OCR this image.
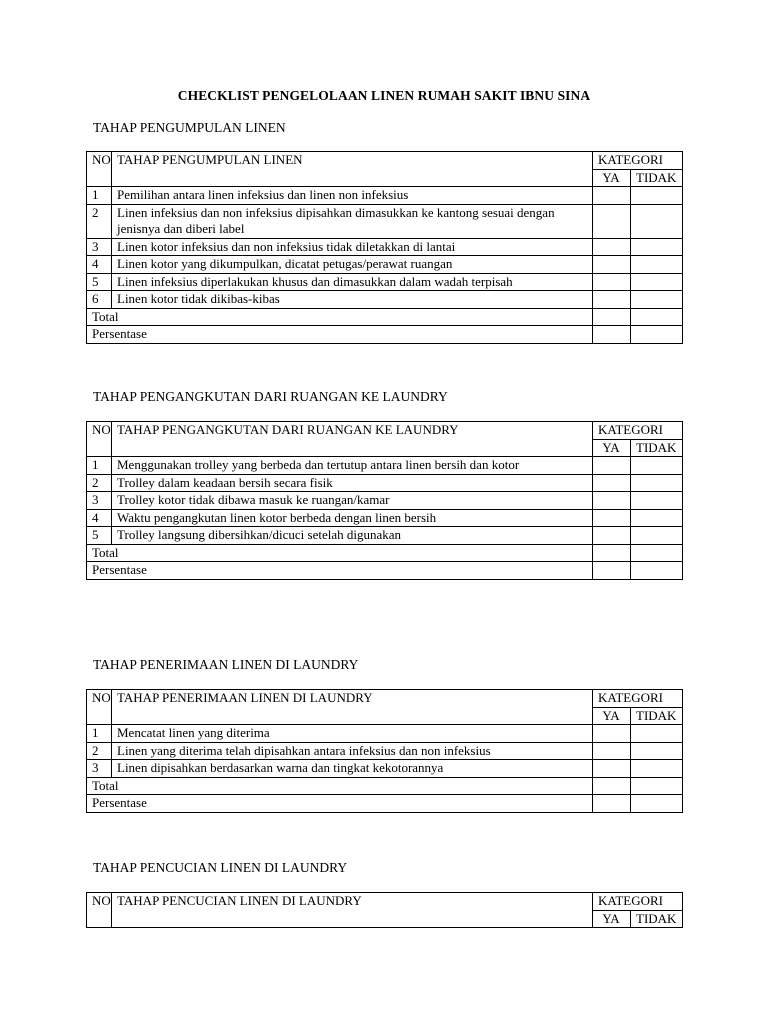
CHECKLIST PENGELOLAAN LINEN RUMAH SAKIT IBNU SINA
TAHAP PENGUMPULAN LINEN
NO	TAHAP PENGUMPULAN LINEN	KATEGORI	
		YA	TIDAK
1	Pemilihan antara linen infeksius dan linen non infeksius		
2	Linen infeksius dan non infeksius dipisahkan dimasukkan ke kantong sesuai dengan jenisnya dan diberi label		
3	Linen kotor infeksius dan non infeksius tidak diletakkan di lantai		
4	Linen kotor yang dikumpulkan, dicatat petugas/perawat ruangan		
5	Linen infeksius diperlakukan khusus dan dimasukkan dalam wadah terpisah		
6	Linen kotor tidak dikibas-kibas		
Total			
Persentase			
TAHAP PENGANGKUTAN DARI RUANGAN KE LAUNDRY
NO	TAHAP PENGANGKUTAN DARI RUANGAN KE LAUNDRY	KATEGORI	
		YA	TIDAK
1	Menggunakan trolley yang berbeda dan tertutup antara linen bersih dan kotor		
2	Trolley dalam keadaan bersih secara fisik		
3	Trolley kotor tidak dibawa masuk ke ruangan/kamar		
4	Waktu pengangkutan linen kotor berbeda dengan linen bersih		
5	Trolley langsung dibersihkan/dicuci setelah digunakan		
Total			
Persentase			
TAHAP PENERIMAAN LINEN DI LAUNDRY
NO	TAHAP PENERIMAAN LINEN DI LAUNDRY	KATEGORI	
		YA	TIDAK
1	Mencatat linen yang diterima		
2	Linen yang diterima telah dipisahkan antara infeksius dan non infeksius		
3	Linen dipisahkan berdasarkan warna dan tingkat kekotorannya		
Total			
Persentase			
TAHAP PENCUCIAN LINEN DI LAUNDRY
NO	TAHAP PENCUCIAN LINEN DI LAUNDRY	KATEGORI	
		YA	TIDAK
